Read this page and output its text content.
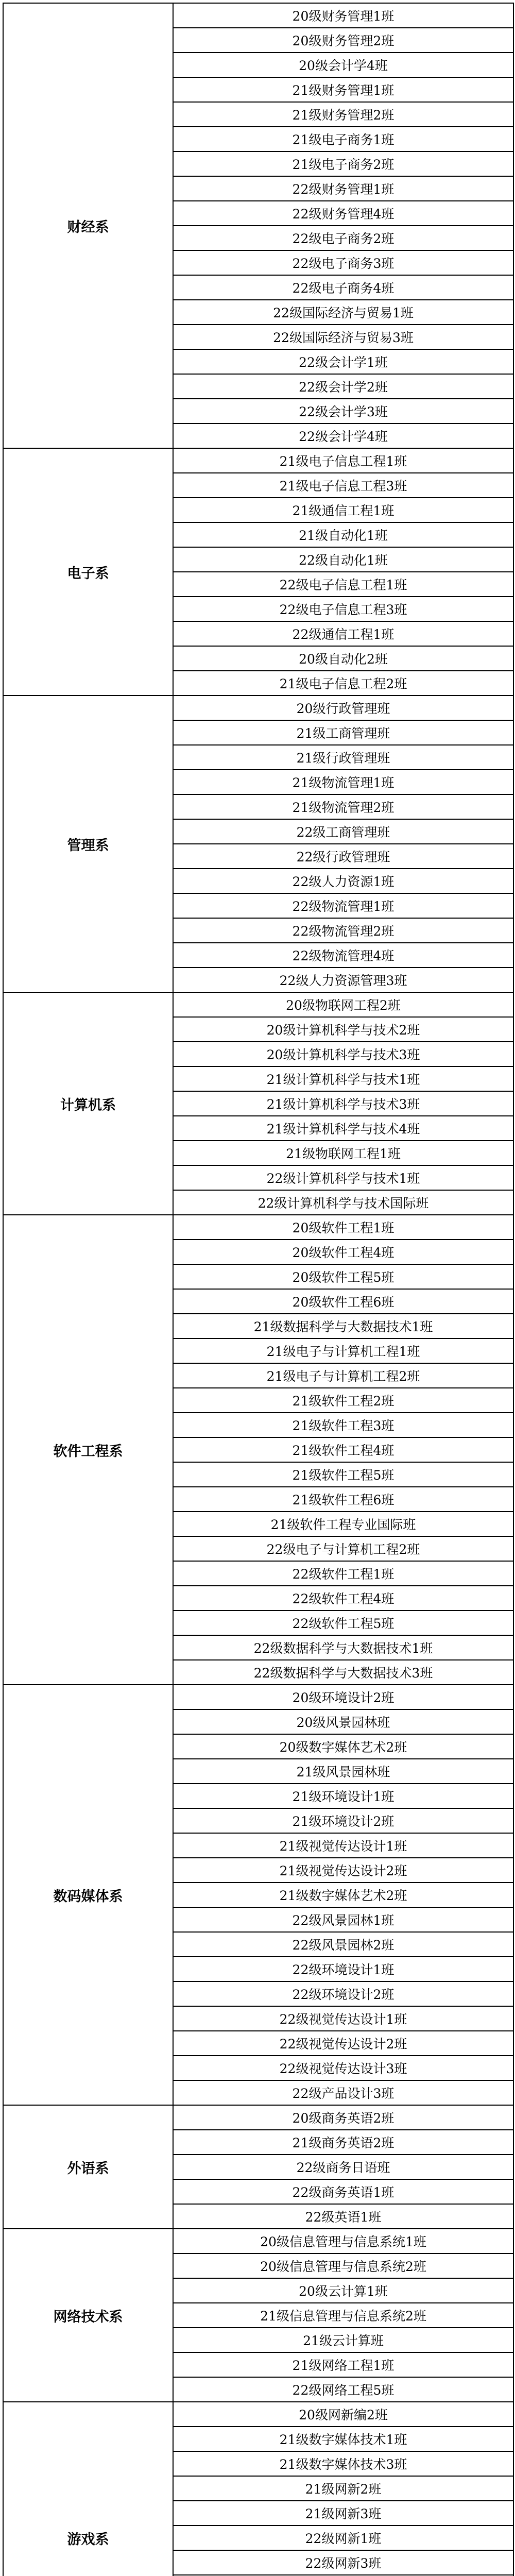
财经系	20级财务管理1班
	20级财务管理2班
	20级会计学4班
	21级财务管理1班
	21级财务管理2班
	21级电子商务1班
	21级电子商务2班
	22级财务管理1班
	22级财务管理4班
	22级电子商务2班
	22级电子商务3班
	22级电子商务4班
	22级国际经济与贸易1班
	22级国际经济与贸易3班
	22级会计学1班
	22级会计学2班
	22级会计学3班
	22级会计学4班
电子系	21级电子信息工程1班
	21级电子信息工程3班
	21级通信工程1班
	21级自动化1班
	22级自动化1班
	22级电子信息工程1班
	22级电子信息工程3班
	22级通信工程1班
	20级自动化2班
	21级电子信息工程2班
管理系	20级行政管理班
	21级工商管理班
	21级行政管理班
	21级物流管理1班
	21级物流管理2班
	22级工商管理班
	22级行政管理班
	22级人力资源1班
	22级物流管理1班
	22级物流管理2班
	22级物流管理4班
	22级人力资源管理3班
计算机系	20级物联网工程2班
	20级计算机科学与技术2班
	20级计算机科学与技术3班
	21级计算机科学与技术1班
	21级计算机科学与技术3班
	21级计算机科学与技术4班
	21级物联网工程1班
	22级计算机科学与技术1班
	22级计算机科学与技术国际班
软件工程系	20级软件工程1班
	20级软件工程4班
	20级软件工程5班
	20级软件工程6班
	21级数据科学与大数据技术1班
	21级电子与计算机工程1班
	21级电子与计算机工程2班
	21级软件工程2班
	21级软件工程3班
	21级软件工程4班
	21级软件工程5班
	21级软件工程6班
	21级软件工程专业国际班
	22级电子与计算机工程2班
	22级软件工程1班
	22级软件工程4班
	22级软件工程5班
	22级数据科学与大数据技术1班
	22级数据科学与大数据技术3班
数码媒体系	20级环境设计2班
	20级风景园林班
	20级数字媒体艺术2班
	21级风景园林班
	21级环境设计1班
	21级环境设计2班
	21级视觉传达设计1班
	21级视觉传达设计2班
	21级数字媒体艺术2班
	22级风景园林1班
	22级风景园林2班
	22级环境设计1班
	22级环境设计2班
	22级视觉传达设计1班
	22级视觉传达设计2班
	22级视觉传达设计3班
	22级产品设计3班
外语系	20级商务英语2班
	21级商务英语2班
	22级商务日语班
	22级商务英语1班
	22级英语1班
网络技术系	20级信息管理与信息系统1班
	20级信息管理与信息系统2班
	20级云计算1班
	21级信息管理与信息系统2班
	21级云计算班
	21级网络工程1班
	22级网络工程5班
游戏系	20级网新编2班
	21级数字媒体技术1班
	21级数字媒体技术3班
	21级网新2班
	21级网新3班
	22级网新1班
	22级网新3班
